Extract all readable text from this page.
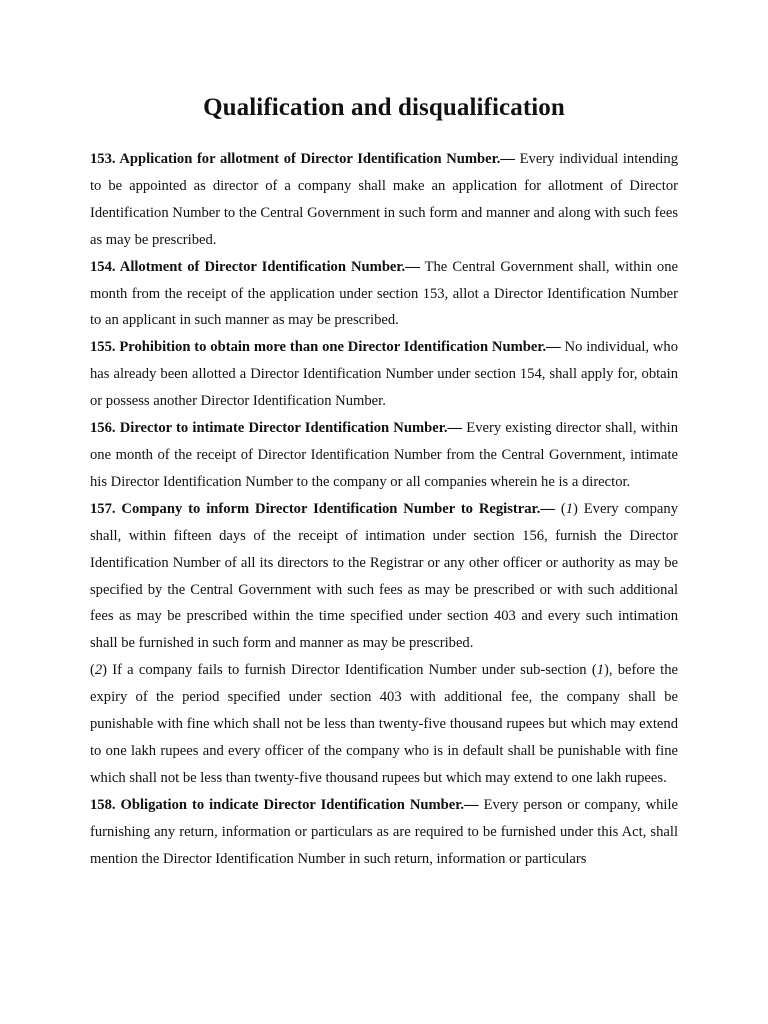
Qualification and disqualification

153. Application for allotment of Director Identification Number.— Every individual intending to be appointed as director of a company shall make an application for allotment of Director Identification Number to the Central Government in such form and manner and along with such fees as may be prescribed.

154. Allotment of Director Identification Number.— The Central Government shall, within one month from the receipt of the application under section 153, allot a Director Identification Number to an applicant in such manner as may be prescribed.

155. Prohibition to obtain more than one Director Identification Number.— No individual, who has already been allotted a Director Identification Number under section 154, shall apply for, obtain or possess another Director Identification Number.

156. Director to intimate Director Identification Number.— Every existing director shall, within one month of the receipt of Director Identification Number from the Central Government, intimate his Director Identification Number to the company or all companies wherein he is a director.

157. Company to inform Director Identification Number to Registrar.— (1) Every company shall, within fifteen days of the receipt of intimation under section 156, furnish the Director Identification Number of all its directors to the Registrar or any other officer or authority as may be specified by the Central Government with such fees as may be prescribed or with such additional fees as may be prescribed within the time specified under section 403 and every such intimation shall be furnished in such form and manner as may be prescribed.

(2) If a company fails to furnish Director Identification Number under sub-section (1), before the expiry of the period specified under section 403 with additional fee, the company shall be punishable with fine which shall not be less than twenty-five thousand rupees but which may extend to one lakh rupees and every officer of the company who is in default shall be punishable with fine which shall not be less than twenty-five thousand rupees but which may extend to one lakh rupees.

158. Obligation to indicate Director Identification Number.— Every person or company, while furnishing any return, information or particulars as are required to be furnished under this Act, shall mention the Director Identification Number in such return, information or particulars
